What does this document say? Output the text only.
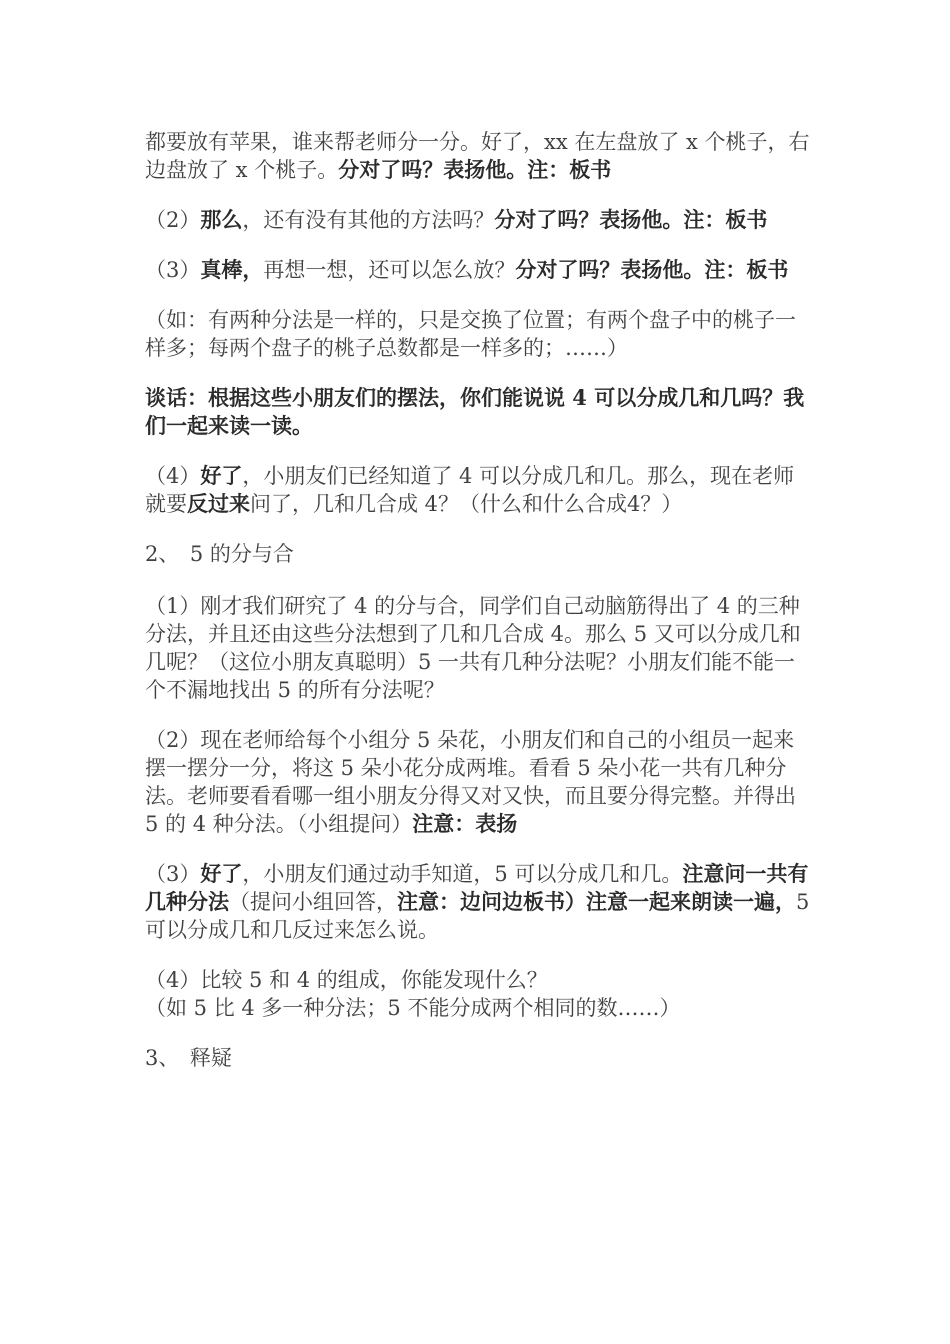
都要放有苹果，谁来帮老师分一分。好了，xx 在左盘放了 x 个桃子，右边盘放了 x 个桃子。分对了吗？表扬他。注：板书

（2）那么，还有没有其他的方法吗？分对了吗？表扬他。注：板书

（3）真棒，再想一想，还可以怎么放？分对了吗？表扬他。注：板书

（如：有两种分法是一样的，只是交换了位置；有两个盘子中的桃子一样多；每两个盘子的桃子总数都是一样多的；……）

谈话：根据这些小朋友们的摆法，你们能说说 4 可以分成几和几吗？我们一起来读一读。

（4）好了，小朋友们已经知道了 4 可以分成几和几。那么，现在老师就要反过来问了，几和几合成 4？（什么和什么合成4？）

2、　5 的分与合

（1）刚才我们研究了 4 的分与合，同学们自己动脑筋得出了 4 的三种分法，并且还由这些分法想到了几和几合成 4。那么 5 又可以分成几和几呢？（这位小朋友真聪明）5 一共有几种分法呢？小朋友们能不能一个不漏地找出 5 的所有分法呢？

（2）现在老师给每个小组分 5 朵花，小朋友们和自己的小组员一起来摆一摆分一分，将这 5 朵小花分成两堆。看看 5 朵小花一共有几种分法。老师要看看哪一组小朋友分得又对又快，而且要分得完整。并得出 5 的 4 种分法。（小组提问）注意：表扬

（3）好了，小朋友们通过动手知道，5 可以分成几和几。注意问一共有几种分法（提问小组回答，注意：边问边板书）注意一起来朗读一遍，5 可以分成几和几反过来怎么说。

（4）比较 5 和 4 的组成，你能发现什么？
（如 5 比 4 多一种分法；5 不能分成两个相同的数……）

3、　释疑
